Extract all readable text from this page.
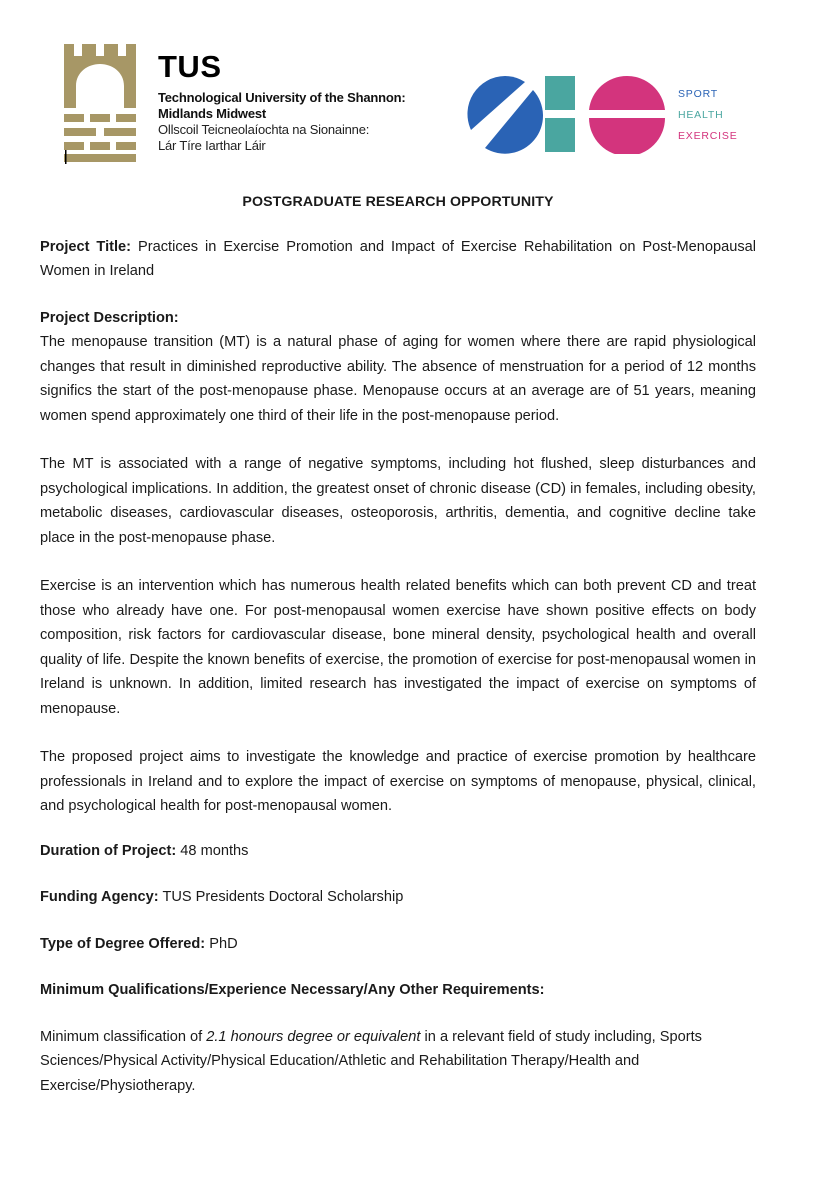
TUS
Technological University of the Shannon:
Midlands Midwest
Ollscoil Teicneolaíochta na Sionainne:
Lár Tíre Iarthar Láir
SPORT
HEALTH
EXERCISE
POSTGRADUATE RESEARCH OPPORTUNITY
Project Title: Practices in Exercise Promotion and Impact of Exercise Rehabilitation on Post-Menopausal Women in Ireland
Project Description:
The menopause transition (MT) is a natural phase of aging for women where there are rapid physiological changes that result in diminished reproductive ability. The absence of menstruation for a period of 12 months significs the start of the post-menopause phase. Menopause occurs at an average are of 51 years, meaning women spend approximately one third of their life in the post-menopause period.
The MT is associated with a range of negative symptoms, including hot flushed, sleep disturbances and psychological implications. In addition, the greatest onset of chronic disease (CD) in females, including obesity, metabolic diseases, cardiovascular diseases, osteoporosis, arthritis, dementia, and cognitive decline take place in the post-menopause phase.
Exercise is an intervention which has numerous health related benefits which can both prevent CD and treat those who already have one. For post-menopausal women exercise have shown positive effects on body composition, risk factors for cardiovascular disease, bone mineral density, psychological health and overall quality of life. Despite the known benefits of exercise, the promotion of exercise for post-menopausal women in Ireland is unknown. In addition, limited research has investigated the impact of exercise on symptoms of menopause.
The proposed project aims to investigate the knowledge and practice of exercise promotion by healthcare professionals in Ireland and to explore the impact of exercise on symptoms of menopause, physical, clinical, and psychological health for post-menopausal women.
Duration of Project: 48 months
Funding Agency: TUS Presidents Doctoral Scholarship
Type of Degree Offered: PhD
Minimum Qualifications/Experience Necessary/Any Other Requirements:
Minimum classification of 2.1 honours degree or equivalent in a relevant field of study including, Sports Sciences/Physical Activity/Physical Education/Athletic and Rehabilitation Therapy/Health and Exercise/Physiotherapy.
